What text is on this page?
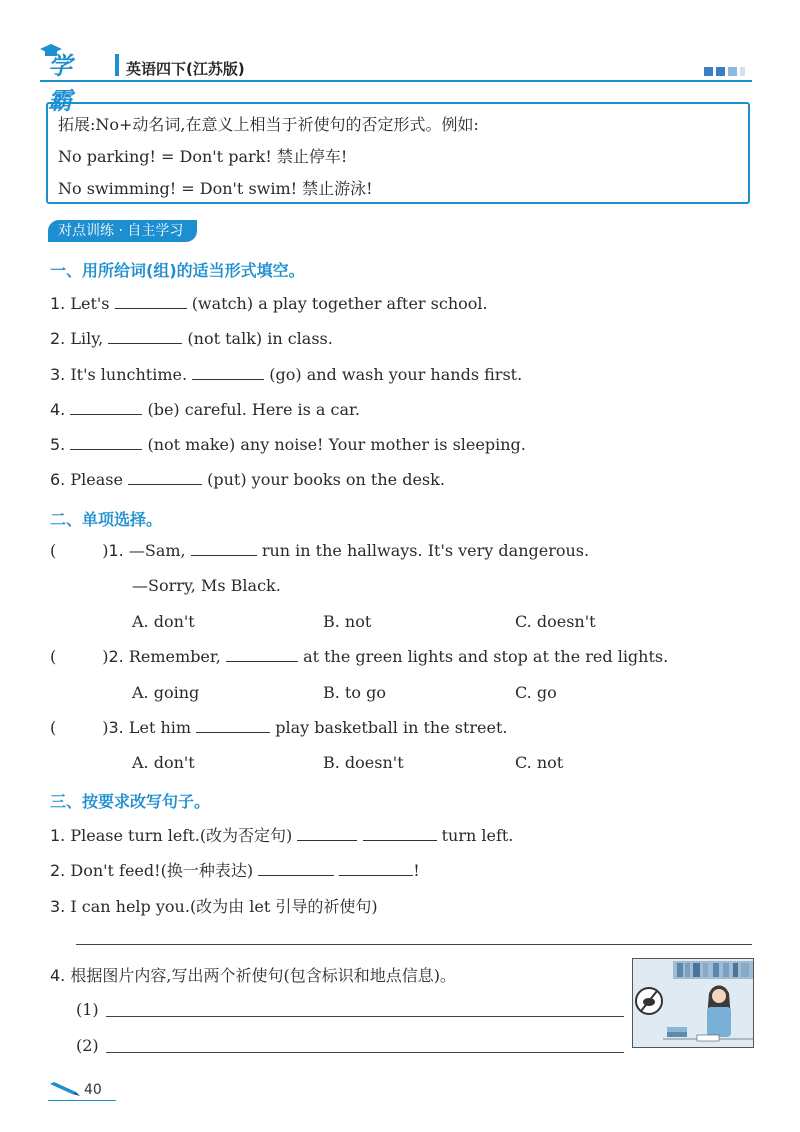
学霸
英语四下(江苏版)
拓展:No+动名词,在意义上相当于祈使句的否定形式。例如:
No parking! = Don't park! 禁止停车!
No swimming! = Don't swim! 禁止游泳!
对点训练 · 自主学习
一、用所给词(组)的适当形式填空。
1. Let's	(watch) a play together after school.
2. Lily,	(not talk) in class.
3. It's lunchtime.	(go) and wash your hands first.
4.	(be) careful. Here is a car.
5.	(not make) any noise! Your mother is sleeping.
6. Please	(put) your books on the desk.
二、单项选择。
(	)1. —Sam,	run in the hallways. It's very dangerous.
—Sorry, Ms Black.
A. don't	B. not	C. doesn't
(	)2. Remember,	at the green lights and stop at the red lights.
A. going	B. to go	C. go
(	)3. Let him	play basketball in the street.
A. don't	B. doesn't	C. not
三、按要求改写句子。
1. Please turn left.(改为否定句)	turn left.
2. Don't feed!(换一种表达)	!
3. I can help you.(改为由 let 引导的祈使句)
4. 根据图片内容,写出两个祈使句(包含标识和地点信息)。
(1)
(2)
40
